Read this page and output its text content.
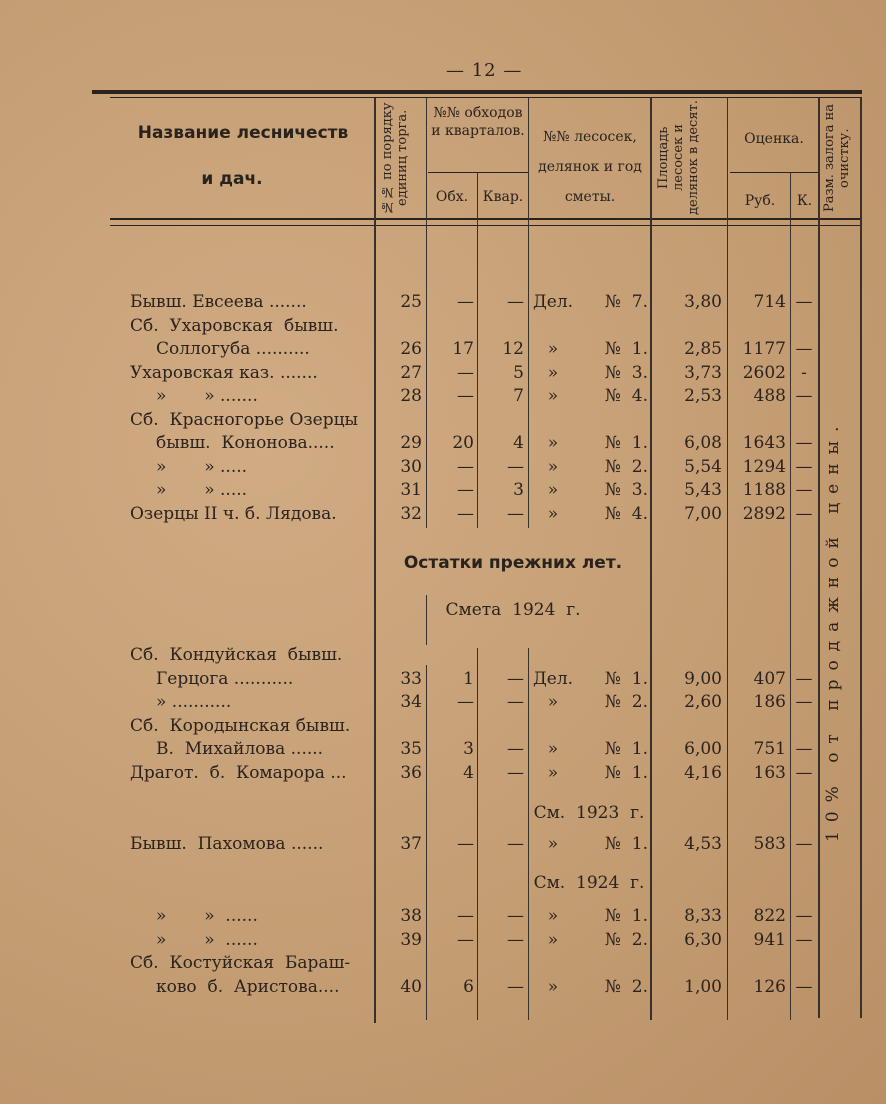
— 12 —
Название лесничеств
и дач.	№№ по порядку единиц торга.	№№ обходов и кварталов.
Обх.	Квар.
№№ лесосек, делянок и год сметы.
Площадь лесосек и делянок в десят.	Оценка.
Руб.	К. Разм. залога на очистку.
Бывш. Евсеева .......	25	—	— Дел.	№  7.	3,80	714 —
Сб.  Ухаровская  бывш.
Соллогуба ..........	26	17	12	»	№  1.	2,85	1177 —
Ухаровская каз. .......	27	—	5	»	№  3.	3,73	2602 -
»       » .......	28	—	7	»	№  4.	2,53	488 —
Сб.  Красногорье Озерцы
бывш.  Кононова.....	29	20	4	»	№  1.	6,08	1643 —
»       » .....	30	—	—	»	№  2.	5,54	1294 —
»       » .....	31	—	3	»	№  3.	5,43	1188 —
Озерцы II ч. б. Лядова.	32	—	—	»	№  4.	7,00	2892 —
Остатки прежних лет.
Смета  1924  г.
Сб.  Кондуйская  бывш.
Герцога ...........	33	1	— Дел.	№  1.	9,00	407 —
» ...........	34	—	—	»	№  2.	2,60	186 —
Сб.  Кородынская бывш.
В.  Михайлова ......	35	3	—	»	№  1.	6,00	751 —
Драгот.  б.  Комарора ...	36	4	—	»	№  1.	4,16	163 —
См.  1923  г.
Бывш.  Пахомова ......	37	—	—	»	№  1.	4,53	583 —
См.  1924  г.
»       »  ......	38	—	—	»	№  1.	8,33	822 —
»       »  ......	39	—	—	»	№  2.	6,30	941 —
Сб.  Костуйская  Бараш-
ково  б.  Аристова....	40	6	—	»	№  2.	1,00	126 —
10% от продажной цены.
